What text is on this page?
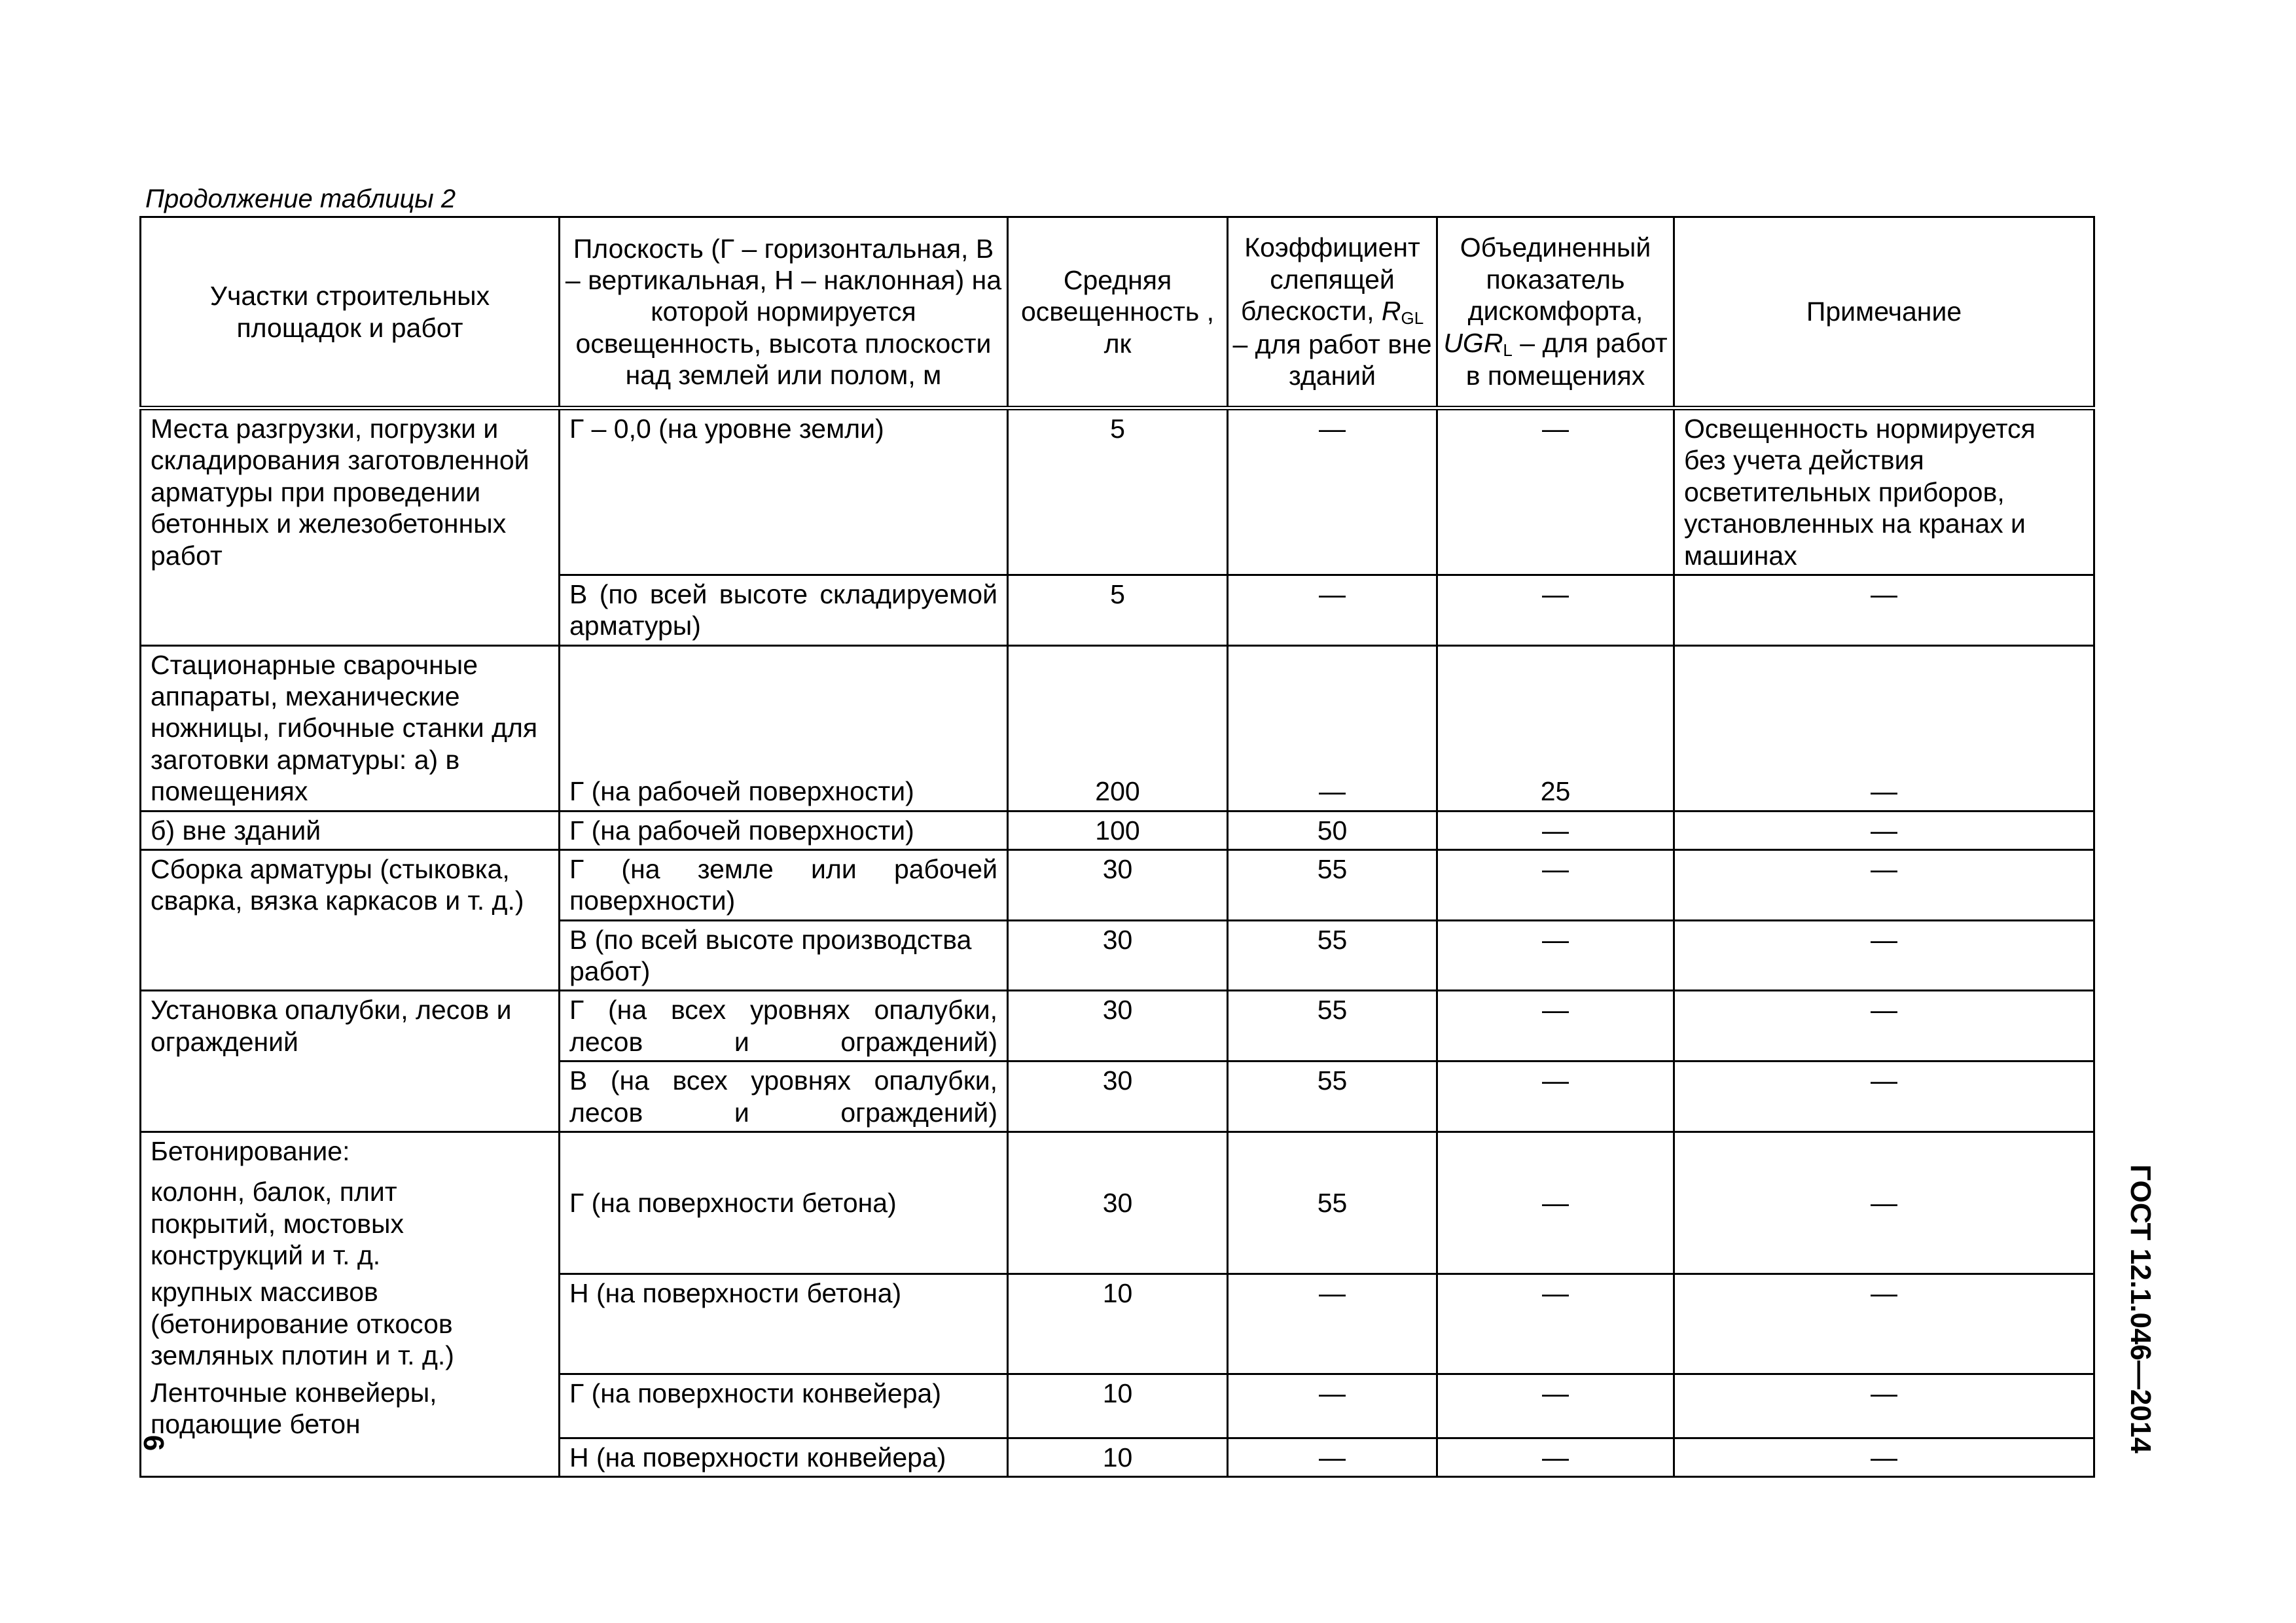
Продолжение таблицы 2
Участки строительных площадок и работ	Плоскость (Г – горизонтальная, В – вертикальная, Н – наклонная) на которой нормируется освещенность, высота плоскости над землей или полом, м	Средняя освещенность , лк	Коэффициент слепящей блескости, $R_{GL}$ – для работ вне зданий	Объединенный показатель дискомфорта, $UGR_L$ – для работ в помещениях	Примечание
Места разгрузки, погрузки и складирования заготовленной арматуры при проведении бетонных и железобетонных работ	Г – 0,0 (на уровне земли)	5	—	—	Освещенность нормируется без учета действия осветительных приборов, установленных на кранах и машинах
	В (по всей высоте складируемой арматуры)	5	—	—	—
Стационарные сварочные аппараты, механические ножницы, гибочные станки для заготовки арматуры: а) в помещениях	Г (на рабочей поверхности)	200	—	25	—
б) вне зданий	Г (на рабочей поверхности)	100	50	—	—
Сборка арматуры (стыковка, сварка, вязка каркасов и т. д.)	Г (на земле или рабочей поверхности)	30	55	—	—
	В (по всей высоте производства работ)	30	55	—	—
Установка опалубки, лесов и ограждений	Г (на всех уровнях опалубки, лесов и ограждений)	30	55	—	—
	В (на всех уровнях опалубки, лесов и ограждений)	30	55	—	—

Бетонирование:
колонн, балок, плит покрытий, мостовых конструкций и т. д.	Г (на поверхности бетона)	30	55	—	—
крупных массивов (бетонирование откосов земляных плотин и т. д.)	Н (на поверхности бетона)	10	—	—	—
Ленточные конвейеры, подающие бетон	Г (на поверхности конвейера)	10	—	—	—
	Н (на поверхности конвейера)	10	—	—	—
ГОСТ 12.1.046—2014
6
